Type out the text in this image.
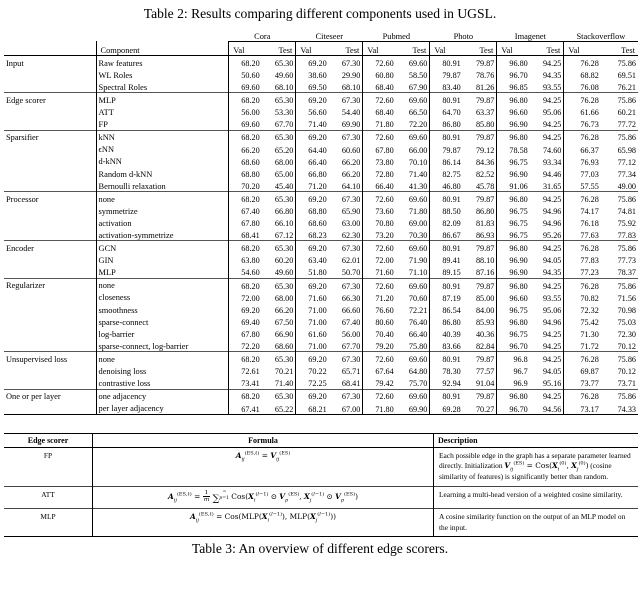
Table 2: Results comparing different components used in UGSL.
		Cora		Citeseer		Pubmed		Photo		Imagenet		Stackoverflow	
	Component	Val	Test	Val	Test	Val	Test	Val	Test	Val	Test	Val	Test
Input	Raw features	68.20	65.30	69.20	67.30	72.60	69.60	80.91	79.87	96.80	94.25	76.28	75.86
	WL Roles	50.60	49.60	38.60	29.90	60.80	58.50	79.87	78.76	96.70	94.35	68.82	69.51
	Spectral Roles	69.60	68.10	69.50	68.10	68.40	67.90	83.40	81.26	96.85	93.55	76.08	76.21
Edge scorer	MLP	68.20	65.30	69.20	67.30	72.60	69.60	80.91	79.87	96.80	94.25	76.28	75.86
	ATT	56.00	53.30	56.60	54.40	68.40	66.50	64.70	63.37	96.60	95.06	61.66	60.21
	FP	69.60	67.70	71.40	69.90	71.80	72.20	86.80	85.80	96.90	94.25	76.73	77.72
Sparsifier	kNN	68.20	65.30	69.20	67.30	72.60	69.60	80.91	79.87	96.80	94.25	76.28	75.86
	ϵNN	66.20	65.20	64.40	60.60	67.80	66.00	79.87	79.12	78.58	74.60	66.37	65.98
	d-kNN	68.60	68.00	66.40	66.20	73.80	70.10	86.14	84.36	96.75	93.34	76.93	77.12
	Random d-kNN	68.80	65.00	66.80	66.20	72.80	71.40	82.75	82.52	96.90	94.46	77.03	77.34
	Bernoulli relaxation	70.20	45.40	71.20	64.10	66.40	41.30	46.80	45.78	91.06	31.65	57.55	49.00
Processor	none	68.20	65.30	69.20	67.30	72.60	69.60	80.91	79.87	96.80	94.25	76.28	75.86
	symmetrize	67.40	66.80	68.80	65.90	73.60	71.80	88.50	86.80	96.75	94.96	74.17	74.81
	activation	67.80	66.10	68.60	63.00	70.80	69.00	82.09	81.83	96.75	94.96	76.18	75.92
	activation-symmetrize	68.41	67.12	68.23	62.30	73.20	70.30	86.67	86.93	96.75	95.26	77.63	77.83
Encoder	GCN	68.20	65.30	69.20	67.30	72.60	69.60	80.91	79.87	96.80	94.25	76.28	75.86
	GIN	63.80	60.20	63.40	62.01	72.00	71.90	89.41	88.10	96.90	94.05	77.83	77.73
	MLP	54.60	49.60	51.80	50.70	71.60	71.10	89.15	87.16	96.90	94.35	77.23	78.37
Regularizer	none	68.20	65.30	69.20	67.30	72.60	69.60	80.91	79.87	96.80	94.25	76.28	75.86
	closeness	72.00	68.00	71.60	66.30	71.20	70.60	87.19	85.00	96.60	93.55	70.82	71.56
	smoothness	69.20	66.20	71.00	66.60	76.60	72.21	86.54	84.00	96.75	95.06	72.32	70.98
	sparse-connect	69.40	67.50	71.00	67.40	80.60	76.40	86.80	85.93	96.80	94.96	75.42	75.03
	log-barrier	67.80	66.90	61.60	56.00	70.40	66.40	40.39	40.36	96.75	94.25	71.30	72.30
	sparse-connect, log-barrier	72.20	68.60	71.00	67.70	79.20	75.80	83.66	82.84	96.70	94.25	71.72	70.12
Unsupervised loss	none	68.20	65.30	69.20	67.30	72.60	69.60	80.91	79.87	96.8	94.25	76.28	75.86
	denoising loss	72.61	70.21	70.22	65.71	67.64	64.80	78.30	77.57	96.7	94.05	69.87	70.12
	contrastive loss	73.41	71.40	72.25	68.41	79.42	75.70	92.94	91.04	96.9	95.16	73.77	73.71
One or per layer	one adjacency	68.20	65.30	69.20	67.30	72.60	69.60	80.91	79.87	96.80	94.25	76.28	75.86
	per layer adjacency	67.41	65.22	68.21	67.00	71.80	69.90	69.28	70.27	96.70	94.56	73.17	74.33
Edge scorer	Formula	Description
FP	$A_{ij}^{(ES,\ell)} = V_{ij}^{(ES)}$	Each possible edge in the graph has a separate parameter learned directly. Initialization $V_{ij}^{(ES)} = Cos(X_i^{(0)}$, $X_j^{(0)}$) (cosine similarity of features) is significantly better than random.
ATT	$A_{ij}^{(ES,\ell)} = \frac{1}{m}$ ∑ $^m$
p=1 $Cos(X_i^{(l-1)}$ ⊙ $V_p^{(ES)}$, $X_j^{(l-1)}$ ⊙ $V_p^{(ES)}$)	Learning a multi-head version of a weighted cosine similarity.
MLP	$A_{ij}^{(ES,\ell)} = Cos(MLP(X_i^{(l-1)})$, $MLP(X_j^{(l-1)})$)	A cosine similarity function on the output of an MLP model on the input.
Table 3: An overview of different edge scorers.
